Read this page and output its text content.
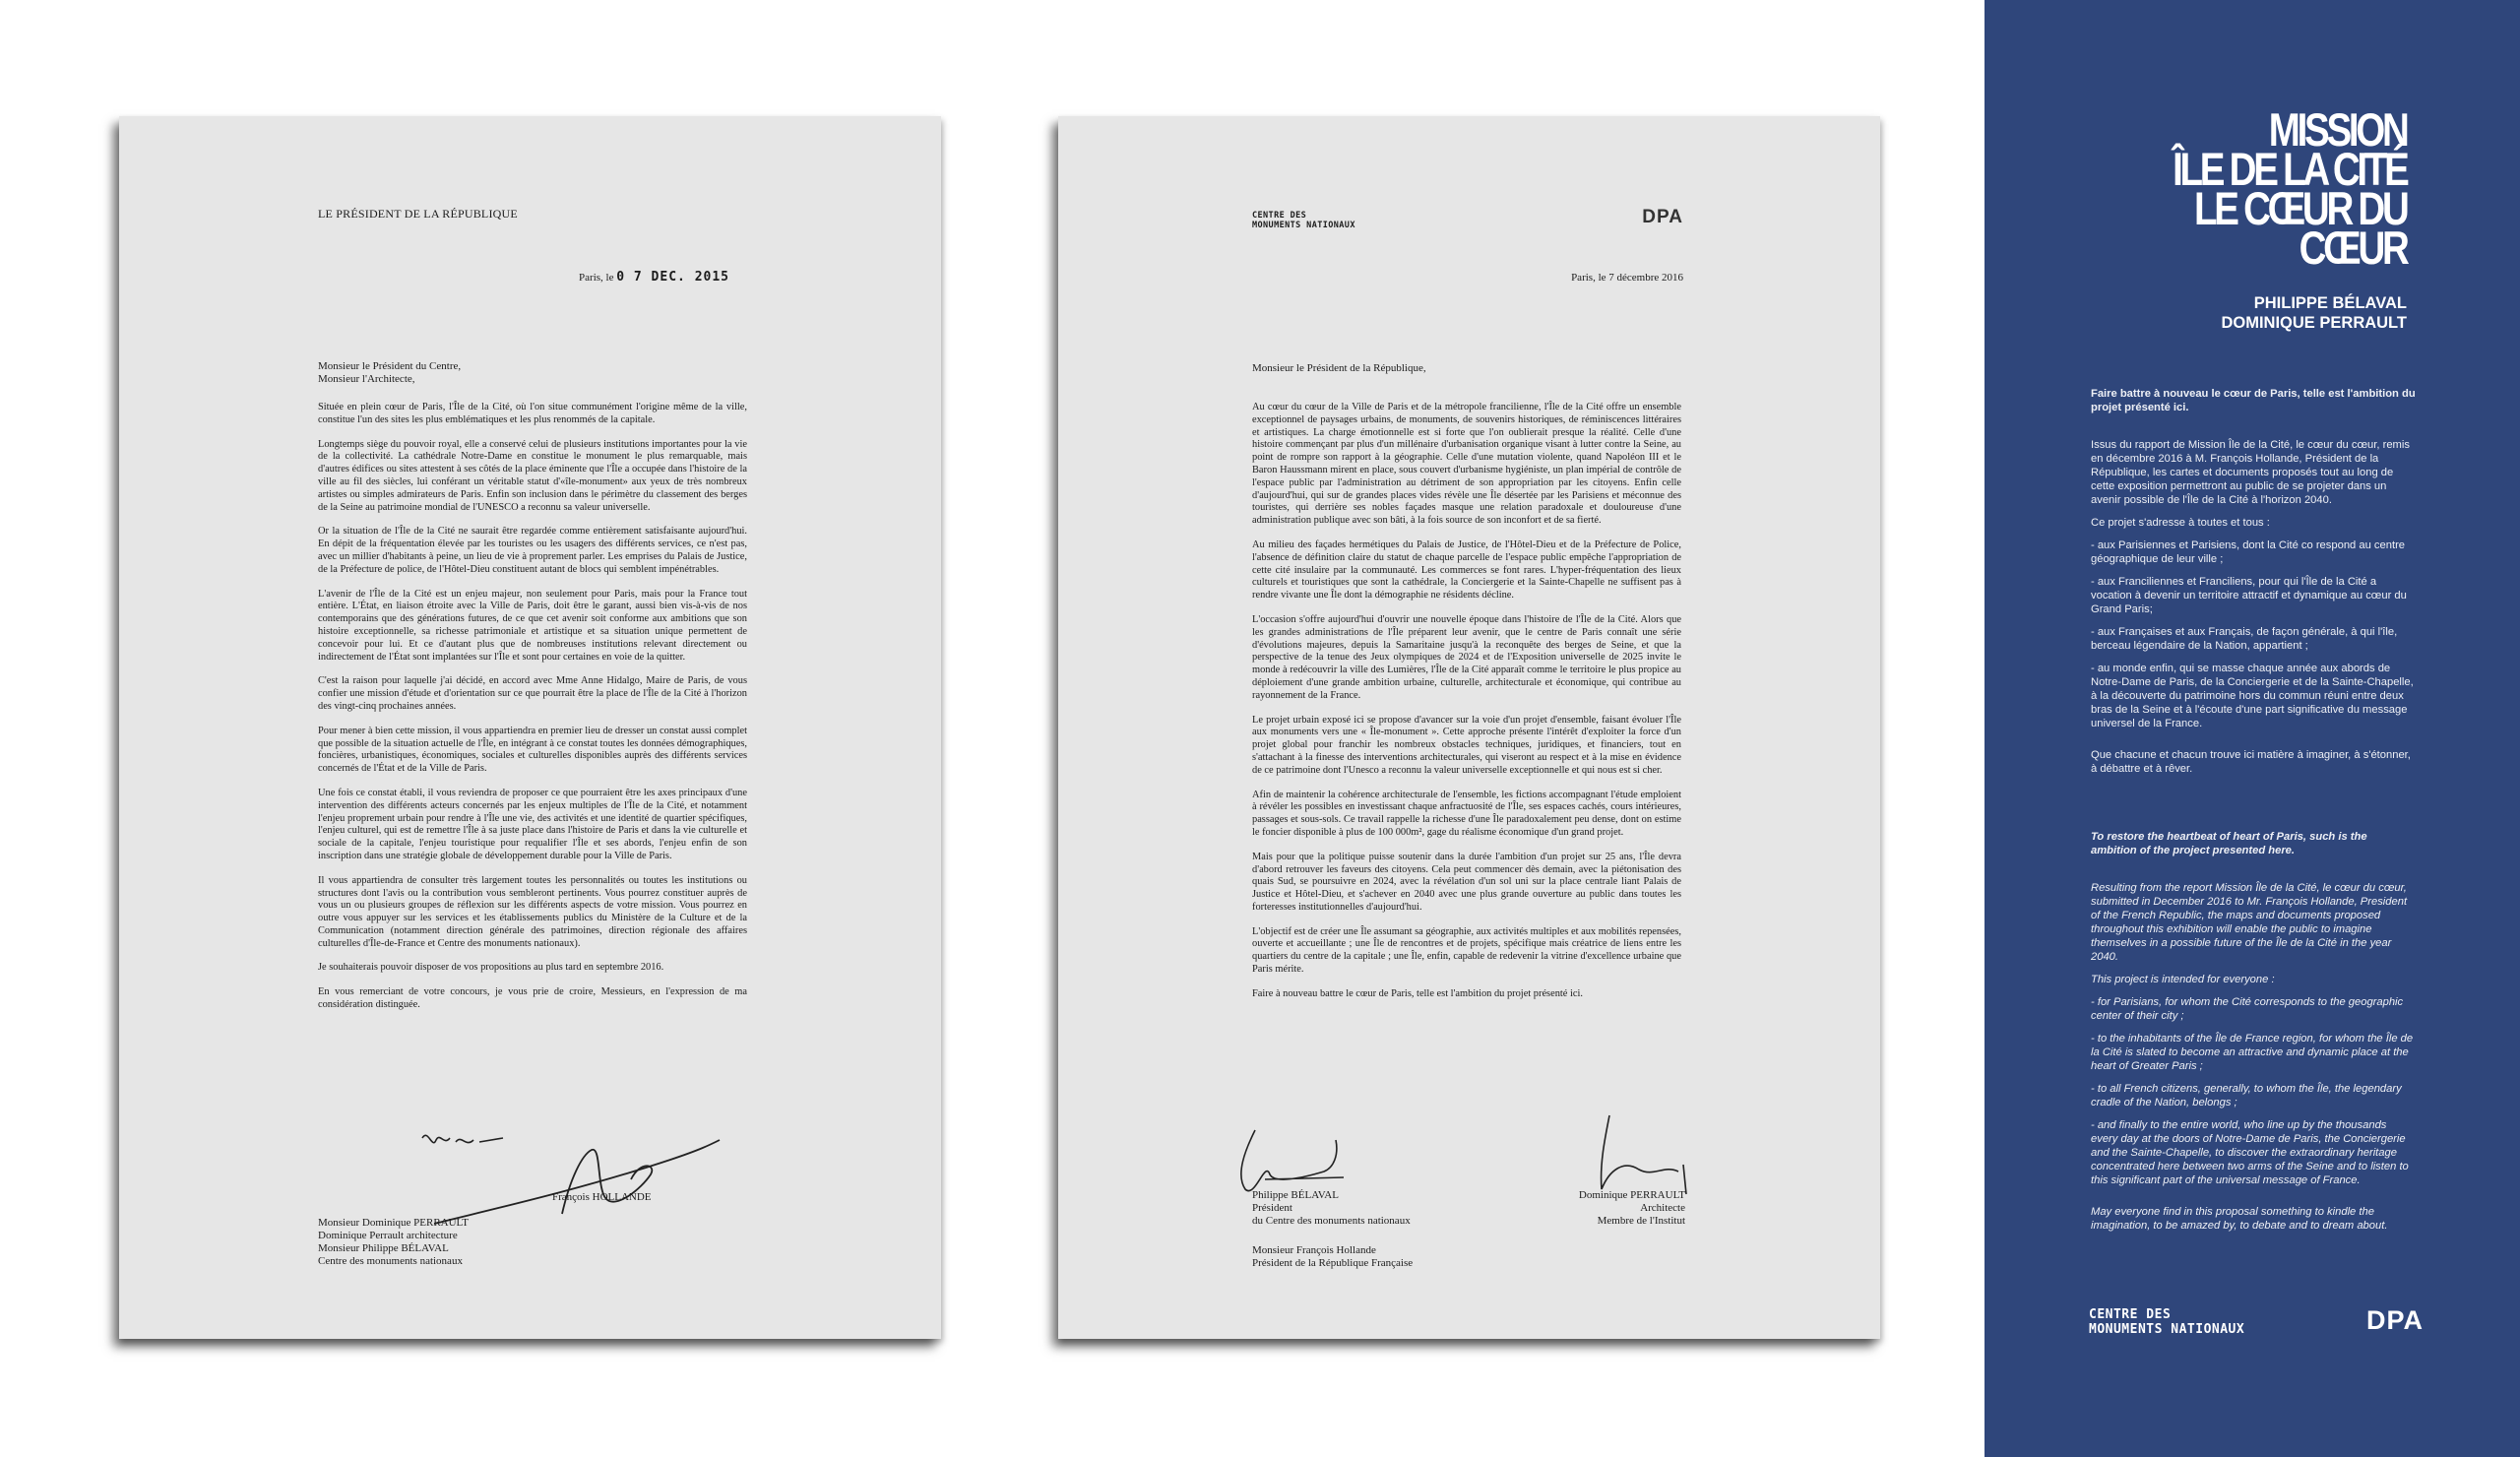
LE PRÉSIDENT DE LA RÉPUBLIQUE
Paris, le 0 7 DEC. 2015
Monsieur le Président du Centre,
Monsieur l'Architecte,

Située en plein cœur de Paris, l'Île de la Cité, où l'on situe communément l'origine même de la ville, constitue l'un des sites les plus emblématiques et les plus renommés de la capitale.

Longtemps siège du pouvoir royal, elle a conservé celui de plusieurs institutions importantes pour la vie de la collectivité. La cathédrale Notre-Dame en constitue le monument le plus remarquable, mais d'autres édifices ou sites attestent à ses côtés de la place éminente que l'Île a occupée dans l'histoire de la ville au fil des siècles, lui conférant un véritable statut d'«île-monument» aux yeux de très nombreux artistes ou simples admirateurs de Paris. Enfin son inclusion dans le périmètre du classement des berges de la Seine au patrimoine mondial de l'UNESCO a reconnu sa valeur universelle.

Or la situation de l'Île de la Cité ne saurait être regardée comme entièrement satisfaisante aujourd'hui. En dépit de la fréquentation élevée par les touristes ou les usagers des différents services, ce n'est pas, avec un millier d'habitants à peine, un lieu de vie à proprement parler. Les emprises du Palais de Justice, de la Préfecture de police, de l'Hôtel-Dieu constituent autant de blocs qui semblent impénétrables.

L'avenir de l'Île de la Cité est un enjeu majeur, non seulement pour Paris, mais pour la France tout entière. L'État, en liaison étroite avec la Ville de Paris, doit être le garant, aussi bien vis-à-vis de nos contemporains que des générations futures, de ce que cet avenir soit conforme aux ambitions que son histoire exceptionnelle, sa richesse patrimoniale et artistique et sa situation unique permettent de concevoir pour lui. Et ce d'autant plus que de nombreuses institutions relevant directement ou indirectement de l'État sont implantées sur l'Île et sont pour certaines en voie de la quitter.

C'est la raison pour laquelle j'ai décidé, en accord avec Mme Anne Hidalgo, Maire de Paris, de vous confier une mission d'étude et d'orientation sur ce que pourrait être la place de l'Île de la Cité à l'horizon des vingt-cinq prochaines années.

Pour mener à bien cette mission, il vous appartiendra en premier lieu de dresser un constat aussi complet que possible de la situation actuelle de l'Île, en intégrant à ce constat toutes les données démographiques, foncières, urbanistiques, économiques, sociales et culturelles disponibles auprès des différents services concernés de l'État et de la Ville de Paris.

Une fois ce constat établi, il vous reviendra de proposer ce que pourraient être les axes principaux d'une intervention des différents acteurs concernés par les enjeux multiples de l'Île de la Cité, et notamment l'enjeu proprement urbain pour rendre à l'Île une vie, des activités et une identité de quartier spécifiques, l'enjeu culturel, qui est de remettre l'Île à sa juste place dans l'histoire de Paris et dans la vie culturelle et sociale de la capitale, l'enjeu touristique pour requalifier l'Île et ses abords, l'enjeu enfin de son inscription dans une stratégie globale de développement durable pour la Ville de Paris.

Il vous appartiendra de consulter très largement toutes les personnalités ou toutes les institutions ou structures dont l'avis ou la contribution vous sembleront pertinents. Vous pourrez constituer auprès de vous un ou plusieurs groupes de réflexion sur les différents aspects de votre mission. Vous pourrez en outre vous appuyer sur les services et les établissements publics du Ministère de la Culture et de la Communication (notamment direction générale des patrimoines, direction régionale des affaires culturelles d'Île-de-France et Centre des monuments nationaux).

Je souhaiterais pouvoir disposer de vos propositions au plus tard en septembre 2016.

En vous remerciant de votre concours, je vous prie de croire, Messieurs, en l'expression de ma considération distinguée.

François HOLLANDE
Monsieur Dominique PERRAULT
Dominique Perrault architecture
Monsieur Philippe BÉLAVAL
Centre des monuments nationaux
CENTRE DES
MONUMENTS NATIONAUX	DPA
Paris, le 7 décembre 2016
Monsieur le Président de la République,

Au cœur du cœur de la Ville de Paris et de la métropole francilienne, l'Île de la Cité offre un ensemble exceptionnel de paysages urbains, de monuments, de souvenirs historiques, de réminiscences littéraires et artistiques. La charge émotionnelle est si forte que l'on oublierait presque la réalité. Celle d'une histoire commençant par plus d'un millénaire d'urbanisation organique visant à lutter contre la Seine, au point de rompre son rapport à la géographie. Celle d'une mutation violente, quand Napoléon III et le Baron Haussmann mirent en place, sous couvert d'urbanisme hygiéniste, un plan impérial de contrôle de l'espace public par l'administration au détriment de son appropriation par les citoyens. Enfin celle d'aujourd'hui, qui sur de grandes places vides révèle une Île désertée par les Parisiens et méconnue des touristes, qui derrière ses nobles façades masque une relation paradoxale et douloureuse d'une administration publique avec son bâti, à la fois source de son inconfort et de sa fierté.

Au milieu des façades hermétiques du Palais de Justice, de l'Hôtel-Dieu et de la Préfecture de Police, l'absence de définition claire du statut de chaque parcelle de l'espace public empêche l'appropriation de cette cité insulaire par la communauté. Les commerces se font rares. L'hyper-fréquentation des lieux culturels et touristiques que sont la cathédrale, la Conciergerie et la Sainte-Chapelle ne suffisent pas à rendre vivante une Île dont la démographie ne résidents décline.

L'occasion s'offre aujourd'hui d'ouvrir une nouvelle époque dans l'histoire de l'Île de la Cité. Alors que les grandes administrations de l'Île préparent leur avenir, que le centre de Paris connaît une série d'évolutions majeures, depuis la Samaritaine jusqu'à la reconquête des berges de Seine, et que la perspective de la tenue des Jeux olympiques de 2024 et de l'Exposition universelle de 2025 invite le monde à redécouvrir la ville des Lumières, l'Île de la Cité apparaît comme le territoire le plus propice au déploiement d'une grande ambition urbaine, culturelle, architecturale et économique, qui contribue au rayonnement de la France.

Le projet urbain exposé ici se propose d'avancer sur la voie d'un projet d'ensemble, faisant évoluer l'Île aux monuments vers une « Île-monument ». Cette approche présente l'intérêt d'exploiter la force d'un projet global pour franchir les nombreux obstacles techniques, juridiques, et financiers, tout en s'attachant à la finesse des interventions architecturales, qui viseront au respect et à la mise en évidence de ce patrimoine dont l'Unesco a reconnu la valeur universelle exceptionnelle et qui nous est si cher.

Afin de maintenir la cohérence architecturale de l'ensemble, les fictions accompagnant l'étude emploient à révéler les possibles en investissant chaque anfractuosité de l'Île, ses espaces cachés, cours intérieures, passages et sous-sols. Ce travail rappelle la richesse d'une Île paradoxalement peu dense, dont on estime le foncier disponible à plus de 100 000m², gage du réalisme économique d'un grand projet.

Mais pour que la politique puisse soutenir dans la durée l'ambition d'un projet sur 25 ans, l'Île devra d'abord retrouver les faveurs des citoyens. Cela peut commencer dès demain, avec la piétonisation des quais Sud, se poursuivre en 2024, avec la révélation d'un sol uni sur la place centrale liant Palais de Justice et Hôtel-Dieu, et s'achever en 2040 avec une plus grande ouverture au public dans toutes les forteresses institutionnelles d'aujourd'hui.

L'objectif est de créer une Île assumant sa géographie, aux activités multiples et aux mobilités repensées, ouverte et accueillante ; une Île de rencontres et de projets, spécifique mais créatrice de liens entre les quartiers du centre de la capitale ; une Île, enfin, capable de redevenir la vitrine d'excellence urbaine que Paris mérite.

Faire à nouveau battre le cœur de Paris, telle est l'ambition du projet présenté ici.

Philippe BÉLAVAL
Président
du Centre des monuments nationaux
Dominique PERRAULT
Architecte
Membre de l'Institut
Monsieur François Hollande
Président de la République Française
MISSION
ÎLE DE LA CITÉ
LE CŒUR DU
CŒUR
PHILIPPE BÉLAVAL
DOMINIQUE PERRAULT

Faire battre à nouveau le cœur de Paris, telle est l'ambition du projet présenté ici.

Issus du rapport de Mission Île de la Cité, le cœur du cœur, remis en décembre 2016 à M. François Hollande, Président de la République, les cartes et documents proposés tout au long de cette exposition permettront au public de se projeter dans un avenir possible de l'Île de la Cité à l'horizon 2040.

Ce projet s'adresse à toutes et tous :

- aux Parisiennes et Parisiens, dont la Cité co respond au centre géographique de leur ville ;

- aux Franciliennes et Franciliens, pour qui l'Île de la Cité a vocation à devenir un territoire attractif et dynamique au cœur du Grand Paris;

- aux Françaises et aux Français, de façon générale, à qui l'île, berceau légendaire de la Nation, appartient ;

- au monde enfin, qui se masse chaque année aux abords de Notre-Dame de Paris, de la Conciergerie et de la Sainte-Chapelle, à la découverte du patrimoine hors du commun réuni entre deux bras de la Seine et à l'écoute d'une part significative du message universel de la France.

Que chacune et chacun trouve ici matière à imaginer, à s'étonner, à débattre et à rêver.

To restore the heartbeat of heart of Paris, such is the ambition of the project presented here.

Resulting from the report Mission Île de la Cité, le cœur du cœur, submitted in December 2016 to Mr. François Hollande, President of the French Republic, the maps and documents proposed throughout this exhibition will enable the public to imagine themselves in a possible future of the Île de la Cité in the year 2040.

This project is intended for everyone :

- for Parisians, for whom the Cité corresponds to the geographic center of their city ;

- to the inhabitants of the Île de France region, for whom the Île de la Cité is slated to become an attractive and dynamic place at the heart of Greater Paris ;

- to all French citizens, generally, to whom the Île, the legendary cradle of the Nation, belongs ;

- and finally to the entire world, who line up by the thousands every day at the doors of Notre-Dame de Paris, the Conciergerie and the Sainte-Chapelle, to discover the extraordinary heritage concentrated here between two arms of the Seine and to listen to this significant part of the universal message of France.

May everyone find in this proposal something to kindle the imagination, to be amazed by, to debate and to dream about.

CENTRE DES
MONUMENTS NATIONAUX	DPA
